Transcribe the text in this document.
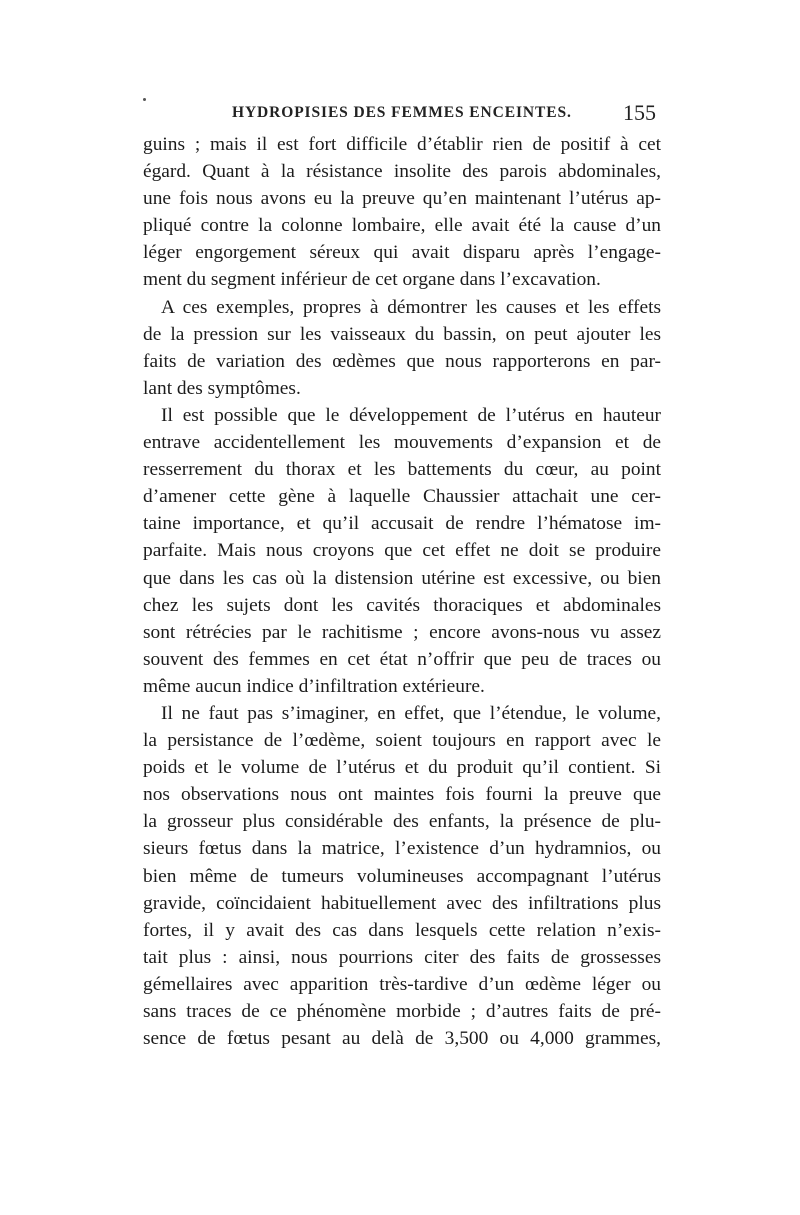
HYDROPISIES DES FEMMES ENCEINTES. 155
guins ; mais il est fort difficile d’établir rien de positif à cet
égard. Quant à la résistance insolite des parois abdominales,
une fois nous avons eu la preuve qu’en maintenant l’utérus ap-
pliqué contre la colonne lombaire, elle avait été la cause d’un
léger engorgement séreux qui avait disparu après l’engage-
ment du segment inférieur de cet organe dans l’excavation.
A ces exemples, propres à démontrer les causes et les effets
de la pression sur les vaisseaux du bassin, on peut ajouter les
faits de variation des œdèmes que nous rapporterons en par-
lant des symptômes.
Il est possible que le développement de l’utérus en hauteur
entrave accidentellement les mouvements d’expansion et de
resserrement du thorax et les battements du cœur, au point
d’amener cette gène à laquelle Chaussier attachait une cer-
taine importance, et qu’il accusait de rendre l’hématose im-
parfaite. Mais nous croyons que cet effet ne doit se produire
que dans les cas où la distension utérine est excessive, ou bien
chez les sujets dont les cavités thoraciques et abdominales
sont rétrécies par le rachitisme ; encore avons-nous vu assez
souvent des femmes en cet état n’offrir que peu de traces ou
même aucun indice d’infiltration extérieure.
Il ne faut pas s’imaginer, en effet, que l’étendue, le volume,
la persistance de l’œdème, soient toujours en rapport avec le
poids et le volume de l’utérus et du produit qu’il contient. Si
nos observations nous ont maintes fois fourni la preuve que
la grosseur plus considérable des enfants, la présence de plu-
sieurs fœtus dans la matrice, l’existence d’un hydramnios, ou
bien même de tumeurs volumineuses accompagnant l’utérus
gravide, coïncidaient habituellement avec des infiltrations plus
fortes, il y avait des cas dans lesquels cette relation n’exis-
tait plus : ainsi, nous pourrions citer des faits de grossesses
gémellaires avec apparition très-tardive d’un œdème léger ou
sans traces de ce phénomène morbide ; d’autres faits de pré-
sence de fœtus pesant au delà de 3,500 ou 4,000 grammes,
